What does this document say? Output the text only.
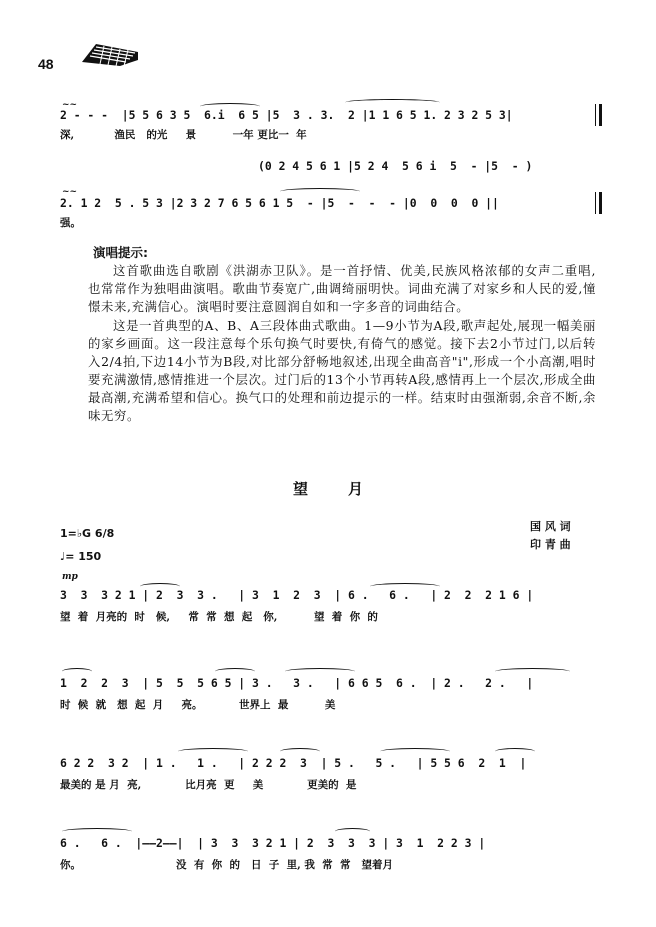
48
~~
2 - - -  |5 5 6 3 5  6.i  6 5 |5  3 . 3.  2 |1 1 6 5 1. 2 3 2 5 3|
深,           渔民   的光     景          一年 更比一  年
(0 2 4 5 6 1 |5 2 4  5 6 i  5  - |5  - )
~~
2. 1 2  5 . 5 3 |2 3 2 7 6 5 6 1 5  - |5  -  -  - |0  0  0  0 ||
强。
演唱提示:
这首歌曲选自歌剧《洪湖赤卫队》。是一首抒情、优美,民族风格浓郁的女声二重唱,也常常作为独唱曲演唱。歌曲节奏宽广,曲调绮丽明快。词曲充满了对家乡和人民的爱,憧憬未来,充满信心。演唱时要注意圆润自如和一字多音的词曲结合。
这是一首典型的A、B、A三段体曲式歌曲。1—9小节为A段,歌声起处,展现一幅美丽的家乡画面。这一段注意每个乐句换气时要快,有倚气的感觉。接下去2小节过门,以后转入2/4拍,下边14小节为B段,对比部分舒畅地叙述,出现全曲高音"i",形成一个小高潮,唱时要充满激情,感情推进一个层次。过门后的13个小节再转A段,感情再上一个层次,形成全曲最高潮,充满希望和信心。换气口的处理和前边提示的一样。结束时由强渐弱,余音不断,余味无穷。
望月
国 风 词
印 青 曲
1=♭G 6/8
♩= 150
mp
3  3  3 2 1 | 2  3  3 .   | 3  1  2  3  | 6 .   6 .   | 2  2  2 1 6 |
望  着  月亮的  时   候,     常  常  想  起   你,          望  着  你  的
1  2  2  3  | 5  5  5 6 5 | 3 .   3 .   | 6 6 5  6 .  | 2 .   2 .   |
时  候  就   想  起  月     亮。          世界上  最          美
6 2 2  3 2  | 1 .   1 .   | 2 2 2  3  | 5 .   5 .   | 5 5 6  2  1  |
最美的 是 月  亮,            比月亮  更     美            更美的  是
6 .   6 .  |——2——|  | 3  3  3 2 1 | 2  3  3  3 | 3  1  2 2 3 |
你。                          没  有  你  的   日  子  里, 我  常  常   望着月
